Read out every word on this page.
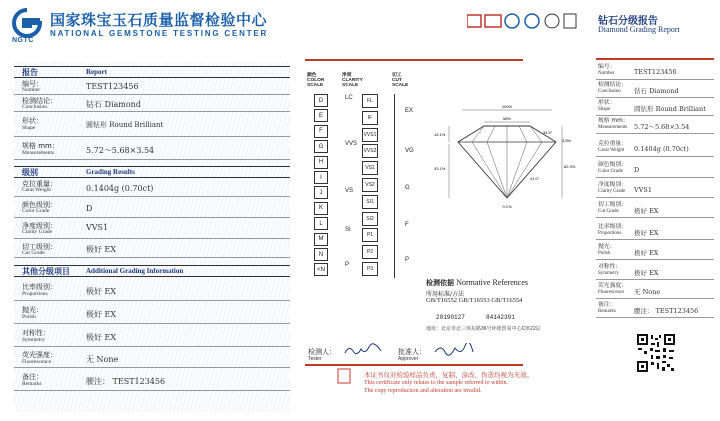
NGTC
国家珠宝玉石质量监督检验中心
NATIONAL GEMSTONE TESTING CENTER
报告	Report
编号：
Number	TEST123456
检测结论：
Conclusion	钻石 Diamond
形状：
Shape	圆钻形 Round Brilliant
规格 mm：
Measurements	5.72～5.68×3.54
级别	Grading Results
克拉重量：
Carat Weight	0.1404g (0.70ct)
颜色级别：
Color Grade	D
净度级别：
Clarity Grade	VVS1
切工级别：
Cut Grade	极好 EX
其他分级项目 Additional Grading Information
比率级别：
Proportions	极好 EX
抛光：
Polish	极好 EX
对称性：
Symmetry	极好 EX
荧光强度：
Fluorescence	无 None
备注：
Remarks	腰注： TEST123456
颜色
COLOR
SCALE
净度
CLARITY
SCALE
切工
CUT
SCALE
D
E
F
G
H
I
J
K
L
M
N
<N
LC
VVS
VS
SI
P
FL
IF
VVS1
VVS2
VS1
VS2
SI1
SI2
P1
P2
P3
EX
VG
G
F
P
100%
58%
15.1%	34.5°
3.5%
43.1%
41.0°
62.3%
0.1%
检测依据 Normative References
所用标准/方法
GB/T16552 GB/T16553 GB/T16554
20190127	84142391
地址：北京市北三环东路36号环球贸易中心C座22层
检测人：
Tester
批准人：
Approver
本证书仅对检验样品负责，复制、涂改、伪造均视为无效。
This certificate only relates to the sample referred to within.
The copy reproduction and alteration are invalid.
钻石分级报告
Diamond Grading Report
编号：
Number	TEST123456
检测结论：
Conclusion 钻石 Diamond
形状：
Shape	圆钻形 Round Brilliant
规格 mm：
Measurements 5.72～5.68×3.54
克拉重量：
Carat Weight 0.1404g (0.70ct)
颜色级别：
Color Grade D
净度级别：
Clarity Grade VVS1
切工级别：
Cut Grade 极好 EX
比率级别：
Proportions 极好 EX
抛光：
Polish	极好 EX
对称性：
Symmetry 极好 EX
荧光强度：
Fluorescence 无 None
备注：
Remarks	腰注： TEST123456
